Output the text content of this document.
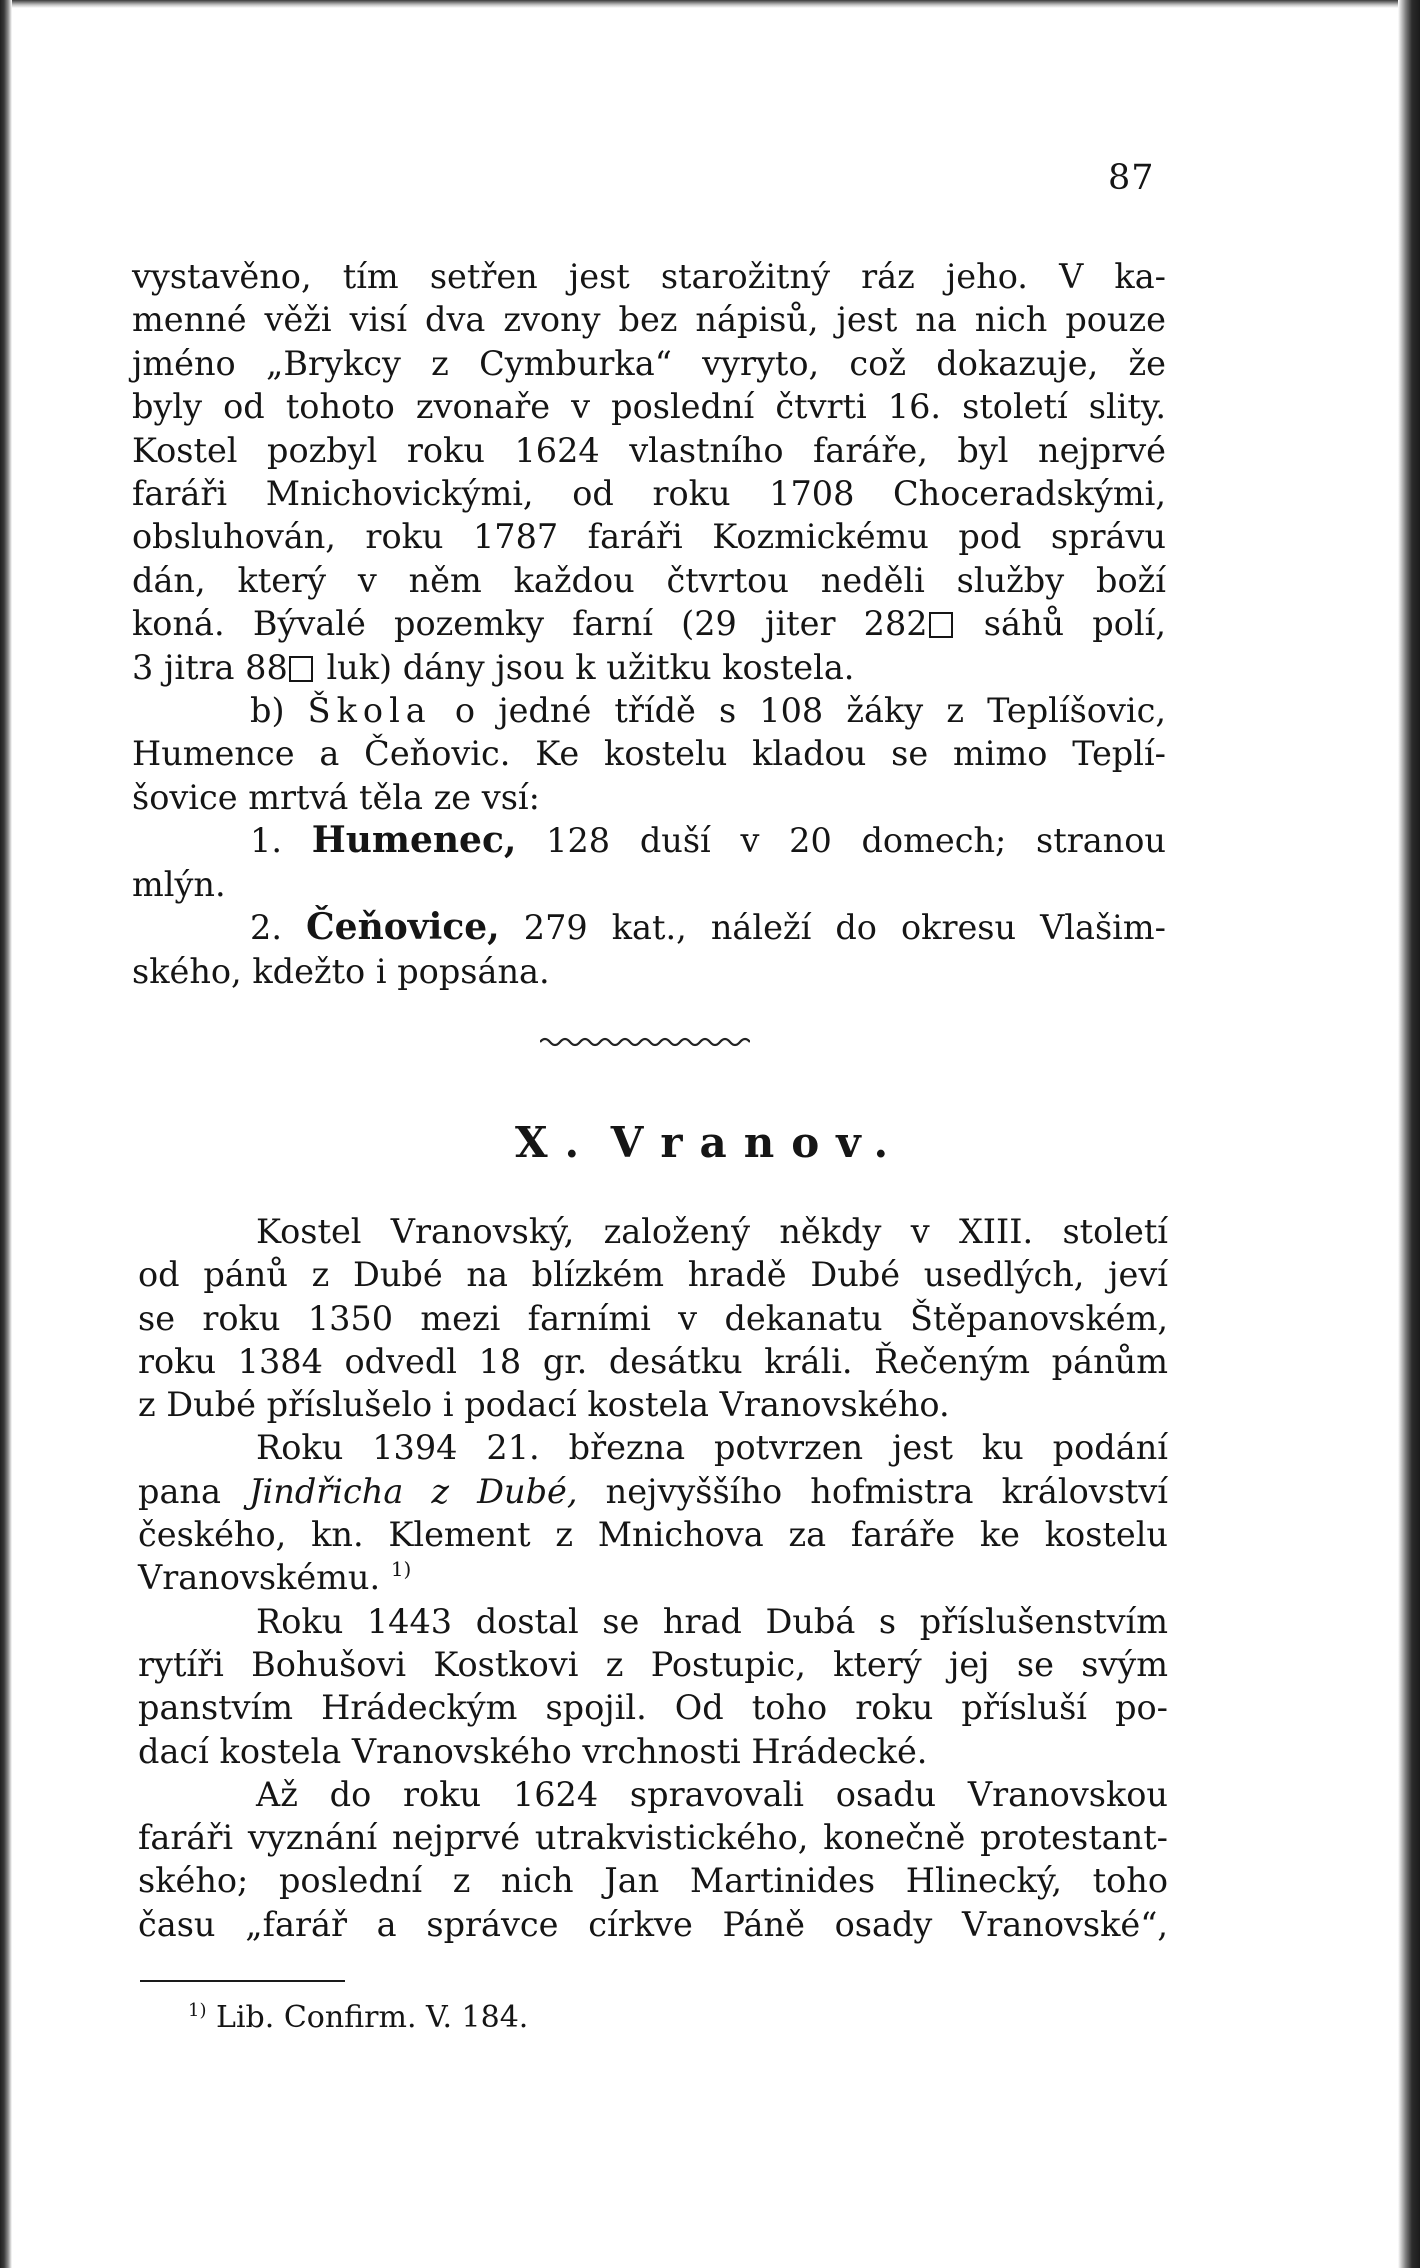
87
vystavěno, tím setřen jest starožitný ráz jeho. V ka-
menné věži visí dva zvony bez nápisů, jest na nich pouze
jméno „Brykcy z Cymburka“ vyryto, což dokazuje, že
byly od tohoto zvonaře v poslední čtvrti 16. století slity.
Kostel pozbyl roku 1624 vlastního faráře, byl nejprvé
faráři Mnichovickými, od roku 1708 Choceradskými,
obsluhován, roku 1787 faráři Kozmickému pod správu
dán, který v něm každou čtvrtou neděli služby boží
koná. Bývalé pozemky farní (29 jiter 282 sáhů polí,
3 jitra 88 luk) dány jsou k užitku kostela.
b) Škola o jedné třídě s 108 žáky z Teplíšovic,
Humence a Čeňovic. Ke kostelu kladou se mimo Teplí-
šovice mrtvá těla ze vsí:
1. Humenec, 128 duší v 20 domech; stranou
mlýn.
2. Čeňovice, 279 kat., náleží do okresu Vlašim-
ského, kdežto i popsána.
X. Vranov.
Kostel Vranovský, založený někdy v XIII. století
od pánů z Dubé na blízkém hradě Dubé usedlých, jeví
se roku 1350 mezi farními v dekanatu Štěpanovském,
roku 1384 odvedl 18 gr. desátku králi. Řečeným pánům
z Dubé příslušelo i podací kostela Vranovského.
Roku 1394 21. března potvrzen jest ku podání
pana Jindřicha z Dubé, nejvyššího hofmistra království
českého, kn. Klement z Mnichova za faráře ke kostelu
Vranovskému. $^{1)}$
Roku 1443 dostal se hrad Dubá s příslušenstvím
rytíři Bohušovi Kostkovi z Postupic, který jej se svým
panstvím Hrádeckým spojil. Od toho roku přísluší po-
dací kostela Vranovského vrchnosti Hrádecké.
Až do roku 1624 spravovali osadu Vranovskou
faráři vyznání nejprvé utrakvistického, konečně protestant-
ského; poslední z nich Jan Martinides Hlinecký, toho
času „farář a správce církve Páně osady Vranovské“,
$^{1)}$ Lib. Confirm. V. 184.
